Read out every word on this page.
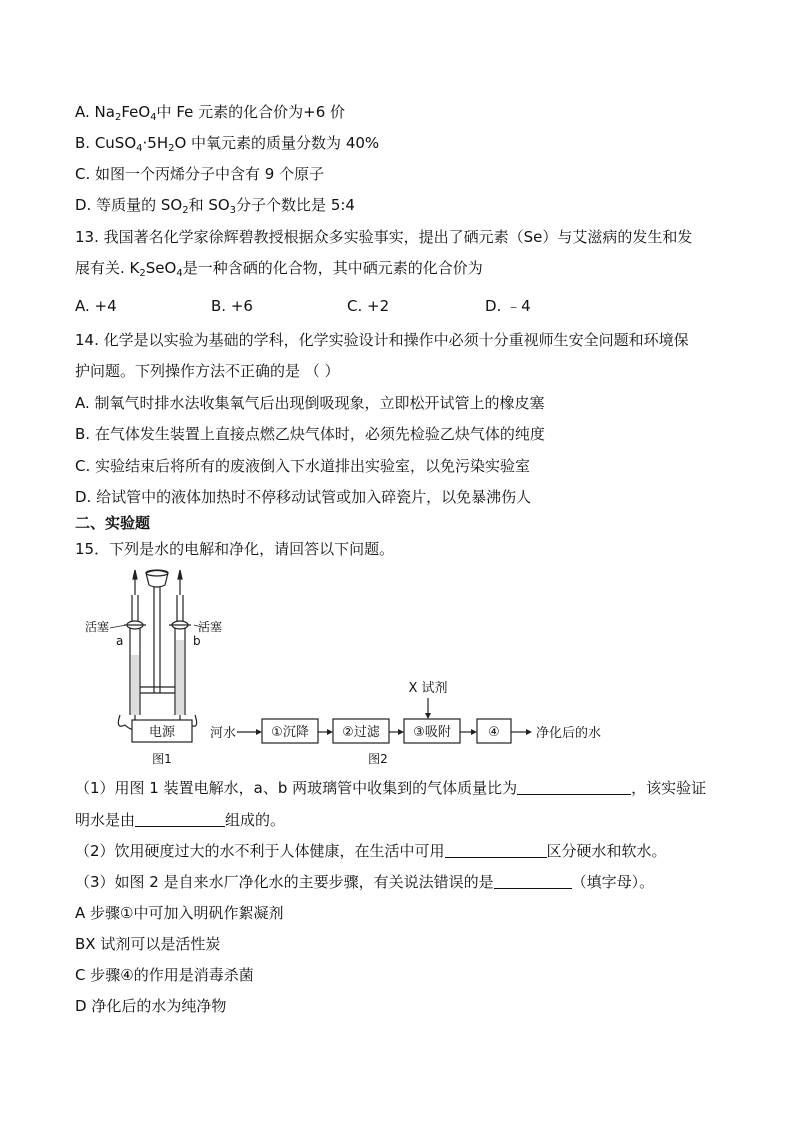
A. $Na_2FeO_4$中 Fe 元素的化合价为+6 价
B. $CuSO_4\cdot 5H_2O$ 中氧元素的质量分数为 40%
C. 如图一个丙烯分子中含有 9 个原子
D. 等质量的 $SO_2$和 $SO_3$分子个数比是 5:4
13. 我国著名化学家徐辉碧教授根据众多实验事实，提出了硒元素（Se）与艾滋病的发生和发
展有关. $K_2SeO_4$是一种含硒的化合物，其中硒元素的化合价为
A. +4	B. +6	C. +2	D. ﹣4
14. 化学是以实验为基础的学科，化学实验设计和操作中必须十分重视师生安全问题和环境保
护问题。下列操作方法不正确的是 （ ）
A. 制氧气时排水法收集氧气后出现倒吸现象，立即松开试管上的橡皮塞
B. 在气体发生装置上直接点燃乙炔气体时，必须先检验乙炔气体的纯度
C. 实验结束后将所有的废液倒入下水道排出实验室，以免污染实验室
D. 给试管中的液体加热时不停移动试管或加入碎瓷片，以免暴沸伤人
二、实验题
15．下列是水的电解和净化，请回答以下问题。
活塞	活塞
a	b
电源
图1
河水	①沉降	②过滤	③吸附
X 试剂
④	净化后的水
图2
（1）用图 1 装置电解水，a、b 两玻璃管中收集到的气体质量比为	，该实验证
明水是由	组成的。
（2）饮用硬度过大的水不利于人体健康，在生活中可用	区分硬水和软水。
（3）如图 2 是自来水厂净化水的主要步骤，有关说法错误的是	（填字母）。
A 步骤①中可加入明矾作絮凝剂
BX 试剂可以是活性炭
C 步骤④的作用是消毒杀菌
D 净化后的水为纯净物
